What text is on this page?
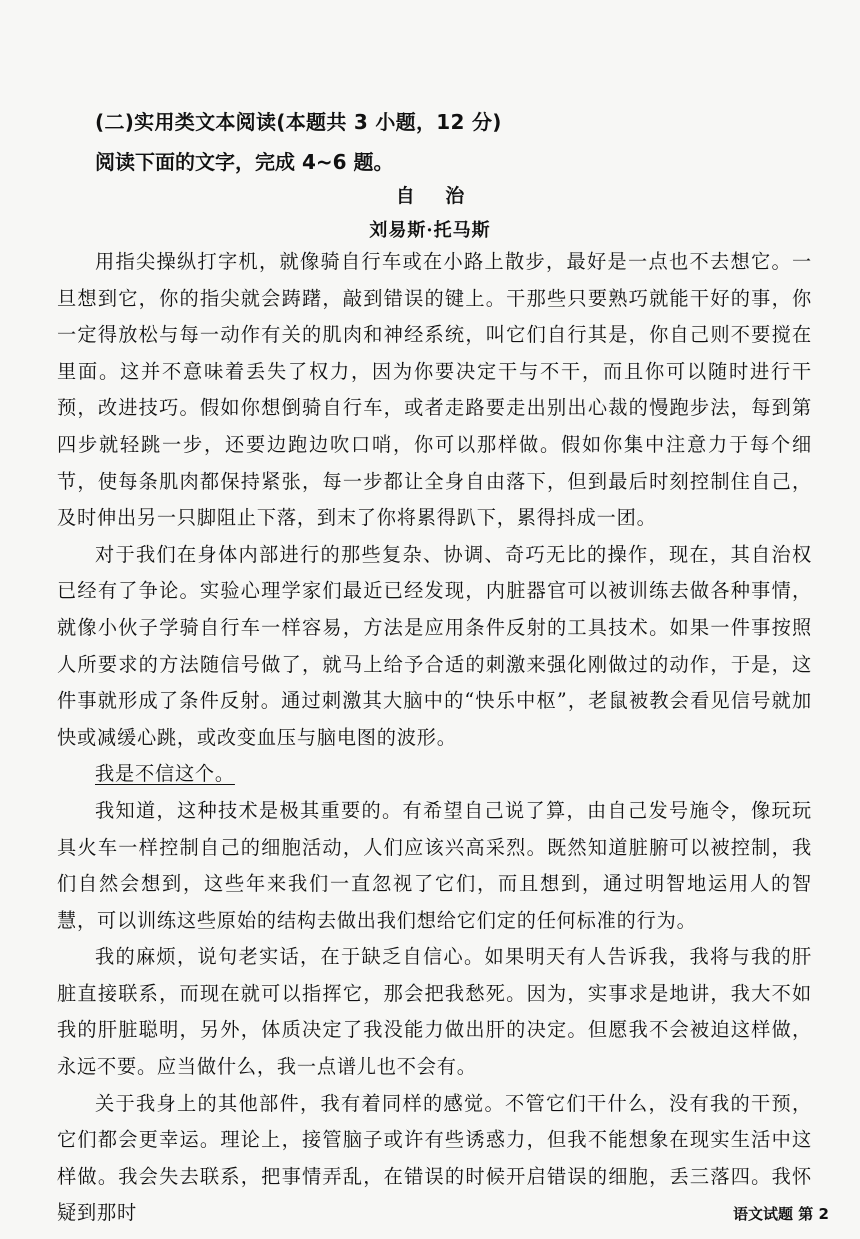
(二)实用类文本阅读(本题共 3 小题，12 分)
阅读下面的文字，完成 4~6 题。
自 治
刘易斯·托马斯

用指尖操纵打字机，就像骑自行车或在小路上散步，最好是一点也不去想它。一旦想到它，你的指尖就会踌躇，敲到错误的键上。干那些只要熟巧就能干好的事，你一定得放松与每一动作有关的肌肉和神经系统，叫它们自行其是，你自己则不要搅在里面。这并不意味着丢失了权力，因为你要决定干与不干，而且你可以随时进行干预，改进技巧。假如你想倒骑自行车，或者走路要走出别出心裁的慢跑步法，每到第四步就轻跳一步，还要边跑边吹口哨，你可以那样做。假如你集中注意力于每个细节，使每条肌肉都保持紧张，每一步都让全身自由落下，但到最后时刻控制住自己，及时伸出另一只脚阻止下落，到末了你将累得趴下，累得抖成一团。

对于我们在身体内部进行的那些复杂、协调、奇巧无比的操作，现在，其自治权已经有了争论。实验心理学家们最近已经发现，内脏器官可以被训练去做各种事情，就像小伙子学骑自行车一样容易，方法是应用条件反射的工具技术。如果一件事按照人所要求的方法随信号做了，就马上给予合适的刺激来强化刚做过的动作，于是，这件事就形成了条件反射。通过刺激其大脑中的“快乐中枢”，老鼠被教会看见信号就加快或减缓心跳，或改变血压与脑电图的波形。

我是不信这个。

我知道，这种技术是极其重要的。有希望自己说了算，由自己发号施令，像玩玩具火车一样控制自己的细胞活动，人们应该兴高采烈。既然知道脏腑可以被控制，我们自然会想到，这些年来我们一直忽视了它们，而且想到，通过明智地运用人的智慧，可以训练这些原始的结构去做出我们想给它们定的任何标准的行为。

我的麻烦，说句老实话，在于缺乏自信心。如果明天有人告诉我，我将与我的肝脏直接联系，而现在就可以指挥它，那会把我愁死。因为，实事求是地讲，我大不如我的肝脏聪明，另外，体质决定了我没能力做出肝的决定。但愿我不会被迫这样做，永远不要。应当做什么，我一点谱儿也不会有。

关于我身上的其他部件，我有着同样的感觉。不管它们干什么，没有我的干预，它们都会更幸运。理论上，接管脑子或许有些诱惑力，但我不能想象在现实生活中这样做。我会失去联系，把事情弄乱，在错误的时候开启错误的细胞，丢三落四。我怀疑到那时	语文试题 第 2
